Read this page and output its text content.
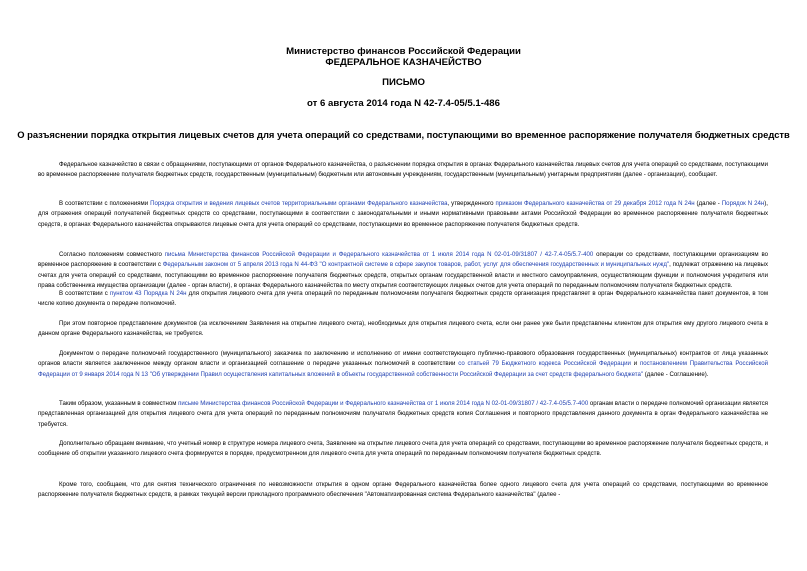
Министерство финансов Российской Федерации
ФЕДЕРАЛЬНОЕ КАЗНАЧЕЙСТВО
ПИСЬМО
от 6 августа 2014 года N 42-7.4-05/5.1-486
О разъяснении порядка открытия лицевых счетов для учета операций со средствами, поступающими во временное распоряжение получателя бюджетных средств
Федеральное казначейство в связи с обращениями, поступающими от органов Федерального казначейства, о разъяснении порядка открытия в органах Федерального казначейства лицевых счетов для учета операций со средствами, поступающими во временное распоряжение получателя бюджетных средств, государственным (муниципальным) бюджетным или автономным учреждениям, государственным (муниципальным) унитарным предприятиям (далее - организации), сообщает.
В соответствии с положениями Порядка открытия и ведения лицевых счетов территориальными органами Федерального казначейства, утвержденного приказом Федерального казначейства от 29 декабря 2012 года N 24н (далее - Порядок N 24н), для отражения операций получателей бюджетных средств со средствами, поступающими в соответствии с законодательными и иными нормативными правовыми актами Российской Федерации во временное распоряжение получателя бюджетных средств, в органах Федерального казначейства открываются лицевые счета для учета операций со средствами, поступающими во временное распоряжение получателя бюджетных средств.
Согласно положениям совместного письма Министерства финансов Российской Федерации и Федерального казначейства от 1 июля 2014 года N 02-01-09/31807 / 42-7.4-05/5.7-400 операции со средствами, поступающими организациям во временное распоряжение в соответствии с Федеральным законом от 5 апреля 2013 года N 44-ФЗ "О контрактной системе в сфере закупок товаров, работ, услуг для обеспечения государственных и муниципальных нужд", подлежат отражению на лицевых счетах для учета операций со средствами, поступающими во временное распоряжение получателя бюджетных средств, открытых органам государственной власти и местного самоуправления, осуществляющим функции и полномочия учредителя или права собственника имущества организации (далее - орган власти), в органах Федерального казначейства по месту открытия соответствующих лицевых счетов для учета операций по переданным полномочиям получателя бюджетных средств.
В соответствии с пунктом 43 Порядка N 24н для открытия лицевого счета для учета операций по переданным полномочиям получателя бюджетных средств организация представляет в орган Федерального казначейства пакет документов, в том числе копию документа о передаче полномочий.
При этом повторное представление документов (за исключением Заявления на открытие лицевого счета), необходимых для открытия лицевого счета, если они ранее уже были представлены клиентом для открытия ему другого лицевого счета в данном органе Федерального казначейства, не требуется.
Документом о передаче полномочий государственного (муниципального) заказчика по заключению и исполнению от имени соответствующего публично-правового образования государственных (муниципальных) контрактов от лица указанных органов власти является заключенное между органом власти и организацией соглашение о передаче указанных полномочий в соответствии со статьей 79 Бюджетного кодекса Российской Федерации и постановлением Правительства Российской Федерации от 9 января 2014 года N 13 "Об утверждении Правил осуществления капитальных вложений в объекты государственной собственности Российской Федерации за счет средств федерального бюджета" (далее - Соглашение).
Таким образом, указанным в совместном письме Министерства финансов Российской Федерации и Федерального казначейства от 1 июля 2014 года N 02-01-09/31807 / 42-7.4-05/5.7-400 органам власти о передаче полномочий организации является представленная организацией для открытия лицевого счета для учета операций по переданным полномочиям получателя бюджетных средств копия Соглашения и повторного представления данного документа в орган Федерального казначейства не требуется.
Дополнительно обращаем внимание, что учетный номер в структуре номера лицевого счета, Заявление на открытие лицевого счета для учета операций со средствами, поступающими во временное распоряжение получателя бюджетных средств, и сообщение об открытии указанного лицевого счета формируется в порядке, предусмотренном для лицевого счета для учета операций по переданным полномочиям получателя бюджетных средств.
Кроме того, сообщаем, что для снятия технического ограничения по невозможности открытия в одном органе Федерального казначейства более одного лицевого счета для учета операций со средствами, поступающими во временное распоряжение получателя бюджетных средств, в рамках текущей версии прикладного программного обеспечения "Автоматизированная система Федерального казначейства" (далее -
